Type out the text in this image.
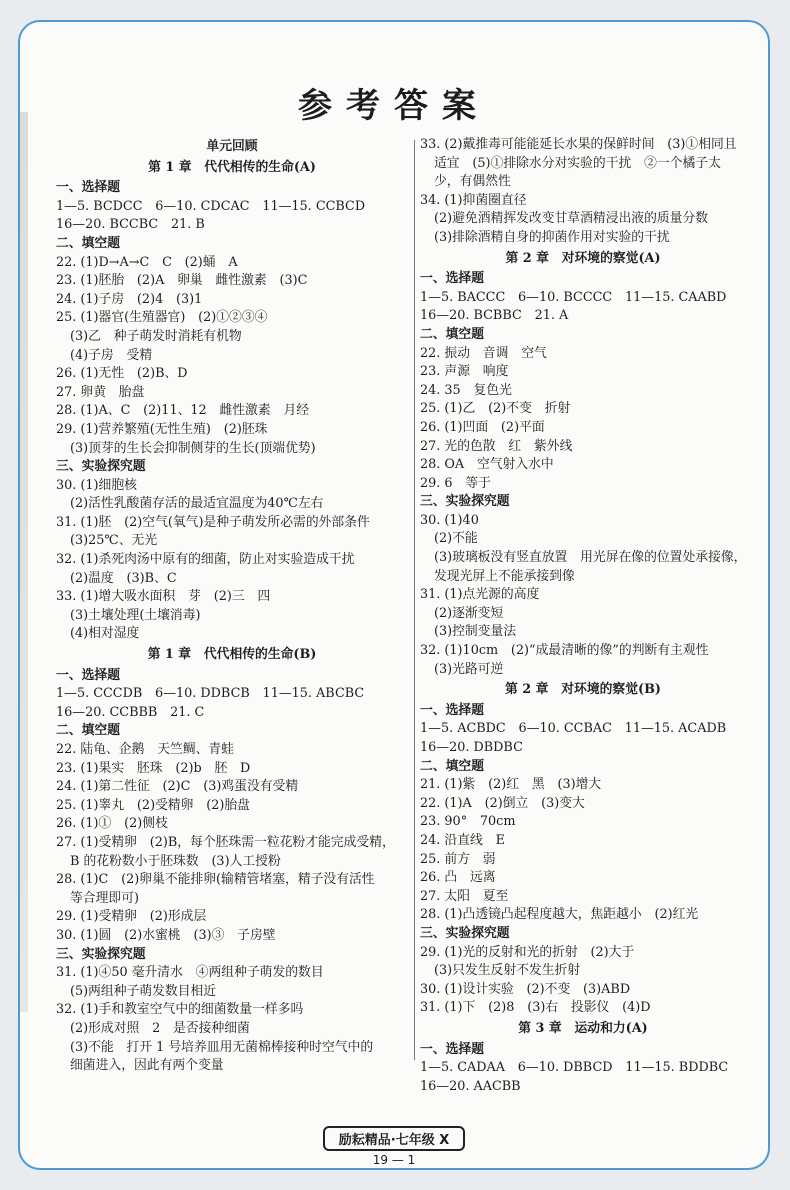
参考答案
单元回顾
第 1 章　代代相传的生命(A)
一、选择题
1—5. BCDCC　6—10. CDCAC　11—15. CCBCD
16—20. BCCBC　21. B
二、填空题
22. (1)D→A→C　C　(2)蛹　A
23. (1)胚胎　(2)A　卵巢　雌性激素　(3)C
24. (1)子房　(2)4　(3)1
25. (1)器官(生殖器官)　(2)①②③④
(3)乙　种子萌发时消耗有机物
(4)子房　受精
26. (1)无性　(2)B、D
27. 卵黄　胎盘
28. (1)A、C　(2)11、12　雌性激素　月经
29. (1)营养繁殖(无性生殖)　(2)胚珠
(3)顶芽的生长会抑制侧芽的生长(顶端优势)
三、实验探究题
30. (1)细胞核
(2)活性乳酸菌存活的最适宜温度为40℃左右
31. (1)胚　(2)空气(氧气)是种子萌发所必需的外部条件
(3)25℃、无光
32. (1)杀死肉汤中原有的细菌，防止对实验造成干扰
(2)温度　(3)B、C
33. (1)增大吸水面积　芽　(2)三　四
(3)土壤处理(土壤消毒)
(4)相对湿度
第 1 章　代代相传的生命(B)
一、选择题
1—5. CCCDB　6—10. DDBCB　11—15. ABCBC
16—20. CCBBB　21. C
二、填空题
22. 陆龟、企鹅　天竺鲷、青蛙
23. (1)果实　胚珠　(2)b　胚　D
24. (1)第二性征　(2)C　(3)鸡蛋没有受精
25. (1)睾丸　(2)受精卵　(2)胎盘
26. (1)①　(2)侧枝
27. (1)受精卵　(2)B，每个胚珠需一粒花粉才能完成受精，
B 的花粉数小于胚珠数　(3)人工授粉
28. (1)C　(2)卵巢不能排卵(输精管堵塞，精子没有活性
等合理即可)
29. (1)受精卵　(2)形成层
30. (1)圆　(2)水蜜桃　(3)③　子房壁
三、实验探究题
31. (1)④50 毫升清水　④两组种子萌发的数目
(5)两组种子萌发数目相近
32. (1)手和教室空气中的细菌数量一样多吗
(2)形成对照　2　是否接种细菌
(3)不能　打开 1 号培养皿用无菌棉棒接种时空气中的
细菌进入，因此有两个变量
33. (2)戴推毒可能能延长水果的保鲜时间　(3)①相同且
适宜　(5)①排除水分对实验的干扰　②一个橘子太
少，有偶然性
34. (1)抑菌圈直径
(2)避免酒精挥发改变甘草酒精浸出液的质量分数
(3)排除酒精自身的抑菌作用对实验的干扰
第 2 章　对环境的察觉(A)
一、选择题
1—5. BACCC　6—10. BCCCC　11—15. CAABD
16—20. BCBBC　21. A
二、填空题
22. 振动　音调　空气
23. 声源　响度
24. 35　复色光
25. (1)乙　(2)不变　折射
26. (1)凹面　(2)平面
27. 光的色散　红　紫外线
28. OA　空气射入水中
29. 6　等于
三、实验探究题
30. (1)40
(2)不能
(3)玻璃板没有竖直放置　用光屏在像的位置处承接像，
发现光屏上不能承接到像
31. (1)点光源的高度
(2)逐渐变短
(3)控制变量法
32. (1)10cm　(2)“成最清晰的像”的判断有主观性
(3)光路可逆
第 2 章　对环境的察觉(B)
一、选择题
1—5. ACBDC　6—10. CCBAC　11—15. ACADB
16—20. DBDBC
二、填空题
21. (1)紫　(2)红　黑　(3)增大
22. (1)A　(2)倒立　(3)变大
23. 90°　70cm
24. 沿直线　E
25. 前方　弱
26. 凸　远离
27. 太阳　夏至
28. (1)凸透镜凸起程度越大，焦距越小　(2)红光
三、实验探究题
29. (1)光的反射和光的折射　(2)大于
(3)只发生反射不发生折射
30. (1)设计实验　(2)不变　(3)ABD
31. (1)下　(2)8　(3)右　投影仪　(4)D
第 3 章　运动和力(A)
一、选择题
1—5. CADAA　6—10. DBBCD　11—15. BDDBC
16—20. AACBB
励耘精品·七年级 X
19 — 1
